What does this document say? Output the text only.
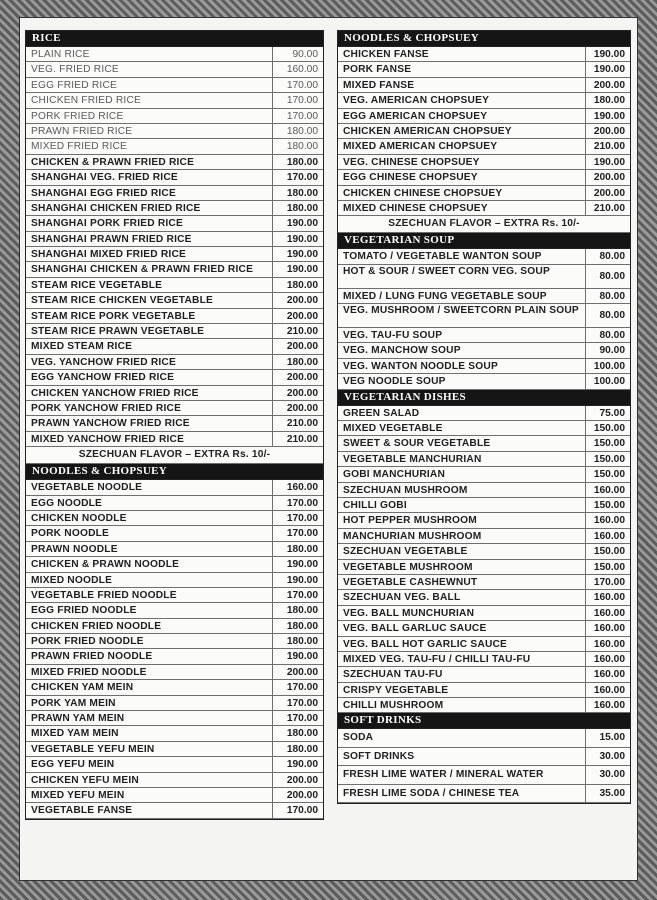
RICE
PLAIN RICE	90.00
VEG. FRIED RICE	160.00
EGG FRIED RICE	170.00
CHICKEN FRIED RICE	170.00
PORK FRIED RICE	170.00
PRAWN FRIED RICE	180.00
MIXED FRIED RICE	180.00
CHICKEN & PRAWN FRIED RICE	180.00
SHANGHAI VEG. FRIED RICE	170.00
SHANGHAI EGG FRIED RICE	180.00
SHANGHAI CHICKEN FRIED RICE	180.00
SHANGHAI PORK FRIED RICE	190.00
SHANGHAI PRAWN FRIED RICE	190.00
SHANGHAI MIXED FRIED RICE	190.00
SHANGHAI CHICKEN & PRAWN FRIED RICE	190.00
STEAM RICE VEGETABLE	180.00
STEAM RICE CHICKEN VEGETABLE	200.00
STEAM RICE PORK VEGETABLE	200.00
STEAM RICE PRAWN VEGETABLE	210.00
MIXED STEAM RICE	200.00
VEG. YANCHOW FRIED RICE	180.00
EGG YANCHOW FRIED RICE	200.00
CHICKEN YANCHOW FRIED RICE	200.00
PORK YANCHOW FRIED RICE	200.00
PRAWN YANCHOW FRIED RICE	210.00
MIXED YANCHOW FRIED RICE	210.00
SZECHUAN FLAVOR – EXTRA Rs. 10/-
NOODLES & CHOPSUEY
VEGETABLE NOODLE	160.00
EGG NOODLE	170.00
CHICKEN NOODLE	170.00
PORK NOODLE	170.00
PRAWN NOODLE	180.00
CHICKEN & PRAWN NOODLE	190.00
MIXED NOODLE	190.00
VEGETABLE FRIED NOODLE	170.00
EGG FRIED NOODLE	180.00
CHICKEN FRIED NOODLE	180.00
PORK FRIED NOODLE	180.00
PRAWN FRIED NOODLE	190.00
MIXED FRIED NOODLE	200.00
CHICKEN YAM MEIN	170.00
PORK YAM MEIN	170.00
PRAWN YAM MEIN	170.00
MIXED YAM MEIN	180.00
VEGETABLE YEFU MEIN	180.00
EGG YEFU MEIN	190.00
CHICKEN YEFU MEIN	200.00
MIXED YEFU MEIN	200.00
VEGETABLE FANSE	170.00
NOODLES & CHOPSUEY
CHICKEN FANSE	190.00
PORK FANSE	190.00
MIXED FANSE	200.00
VEG. AMERICAN CHOPSUEY	180.00
EGG AMERICAN CHOPSUEY	190.00
CHICKEN AMERICAN CHOPSUEY	200.00
MIXED AMERICAN CHOPSUEY	210.00
VEG. CHINESE CHOPSUEY	190.00
EGG CHINESE CHOPSUEY	200.00
CHICKEN CHINESE CHOPSUEY	200.00
MIXED CHINESE CHOPSUEY	210.00
SZECHUAN FLAVOR – EXTRA Rs. 10/-
VEGETARIAN SOUP
TOMATO / VEGETABLE WANTON SOUP	80.00
HOT & SOUR / SWEET CORN VEG. SOUP	80.00
MIXED / LUNG FUNG VEGETABLE SOUP	80.00
VEG. MUSHROOM / SWEETCORN PLAIN SOUP	80.00
VEG. TAU-FU SOUP	80.00
VEG. MANCHOW SOUP	90.00
VEG. WANTON NOODLE SOUP	100.00
VEG NOODLE SOUP	100.00
VEGETARIAN DISHES
GREEN SALAD	75.00
MIXED VEGETABLE	150.00
SWEET & SOUR VEGETABLE	150.00
VEGETABLE MANCHURIAN	150.00
GOBI MANCHURIAN	150.00
SZECHUAN MUSHROOM	160.00
CHILLI GOBI	150.00
HOT PEPPER MUSHROOM	160.00
MANCHURIAN MUSHROOM	160.00
SZECHUAN VEGETABLE	150.00
VEGETABLE MUSHROOM	150.00
VEGETABLE CASHEWNUT	170.00
SZECHUAN VEG. BALL	160.00
VEG. BALL MUNCHURIAN	160.00
VEG. BALL GARLUC SAUCE	160.00
VEG. BALL HOT GARLIC SAUCE	160.00
MIXED VEG. TAU-FU / CHILLI TAU-FU	160.00
SZECHUAN TAU-FU	160.00
CRISPY VEGETABLE	160.00
CHILLI MUSHROOM	160.00
SOFT DRINKS
SODA	15.00
SOFT DRINKS	30.00
FRESH LIME WATER / MINERAL WATER	30.00
FRESH LIME SODA / CHINESE TEA	35.00
